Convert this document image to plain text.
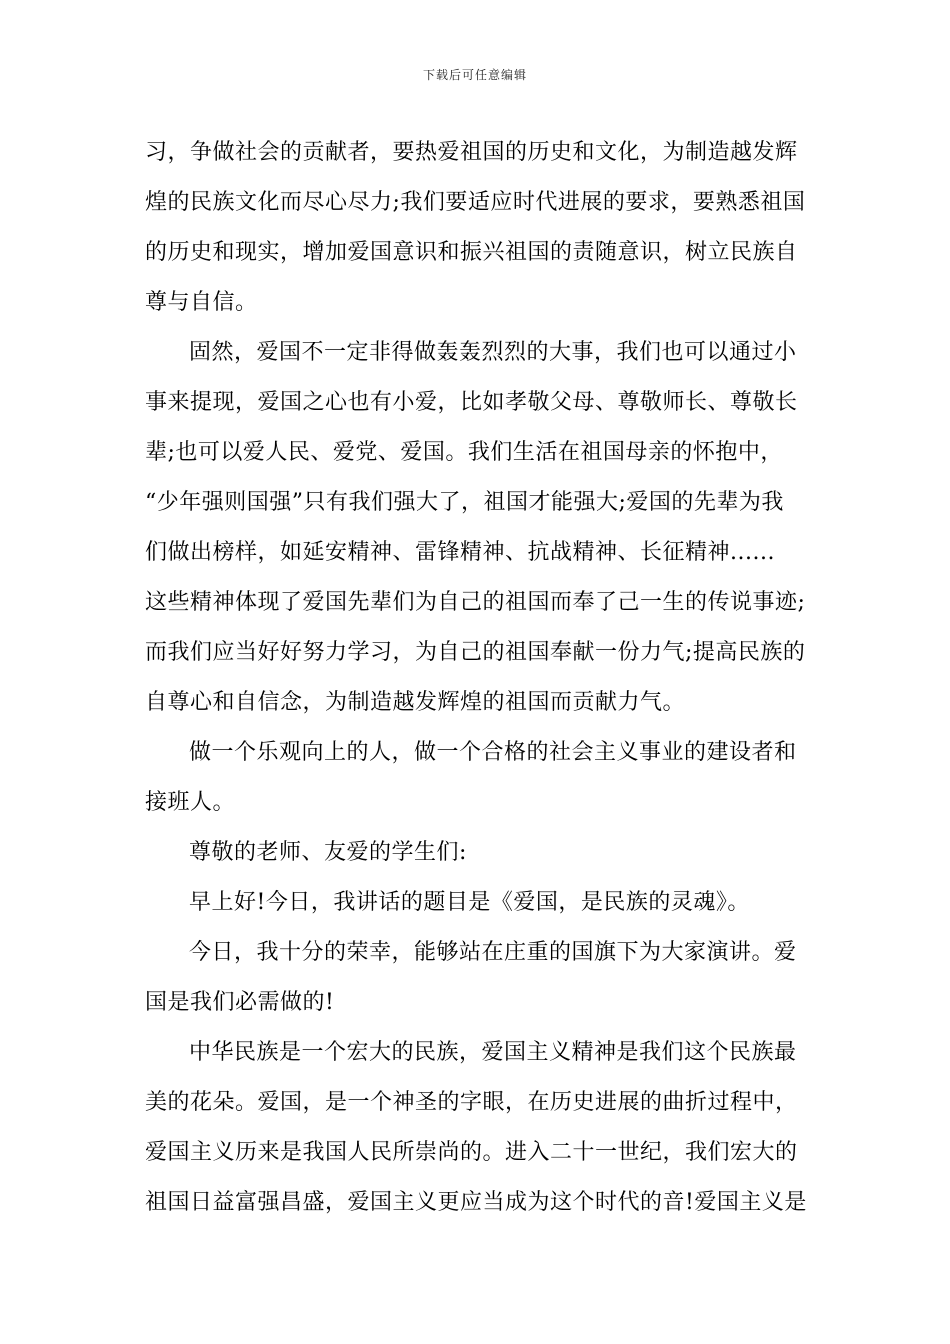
下载后可任意编辑
习，争做社会的贡献者，要热爱祖国的历史和文化，为制造越发辉
煌的民族文化而尽心尽力;我们要适应时代进展的要求，要熟悉祖国
的历史和现实，增加爱国意识和振兴祖国的责随意识，树立民族自
尊与自信。
固然，爱国不一定非得做轰轰烈烈的大事，我们也可以通过小
事来提现，爱国之心也有小爱，比如孝敬父母、尊敬师长、尊敬长
辈;也可以爱人民、爱党、爱国。我们生活在祖国母亲的怀抱中，
“少年强则国强”只有我们强大了，祖国才能强大;爱国的先辈为我
们做出榜样，如延安精神、雷锋精神、抗战精神、长征精神......
这些精神体现了爱国先辈们为自己的祖国而奉了己一生的传说事迹;
而我们应当好好努力学习，为自己的祖国奉献一份力气;提高民族的
自尊心和自信念，为制造越发辉煌的祖国而贡献力气。
做一个乐观向上的人，做一个合格的社会主义事业的建设者和
接班人。
尊敬的老师、友爱的学生们:
早上好!今日，我讲话的题目是《爱国，是民族的灵魂》。
今日，我十分的荣幸，能够站在庄重的国旗下为大家演讲。爱
国是我们必需做的!
中华民族是一个宏大的民族，爱国主义精神是我们这个民族最
美的花朵。爱国，是一个神圣的字眼，在历史进展的曲折过程中，
爱国主义历来是我国人民所崇尚的。进入二十一世纪，我们宏大的
祖国日益富强昌盛，爱国主义更应当成为这个时代的音!爱国主义是
